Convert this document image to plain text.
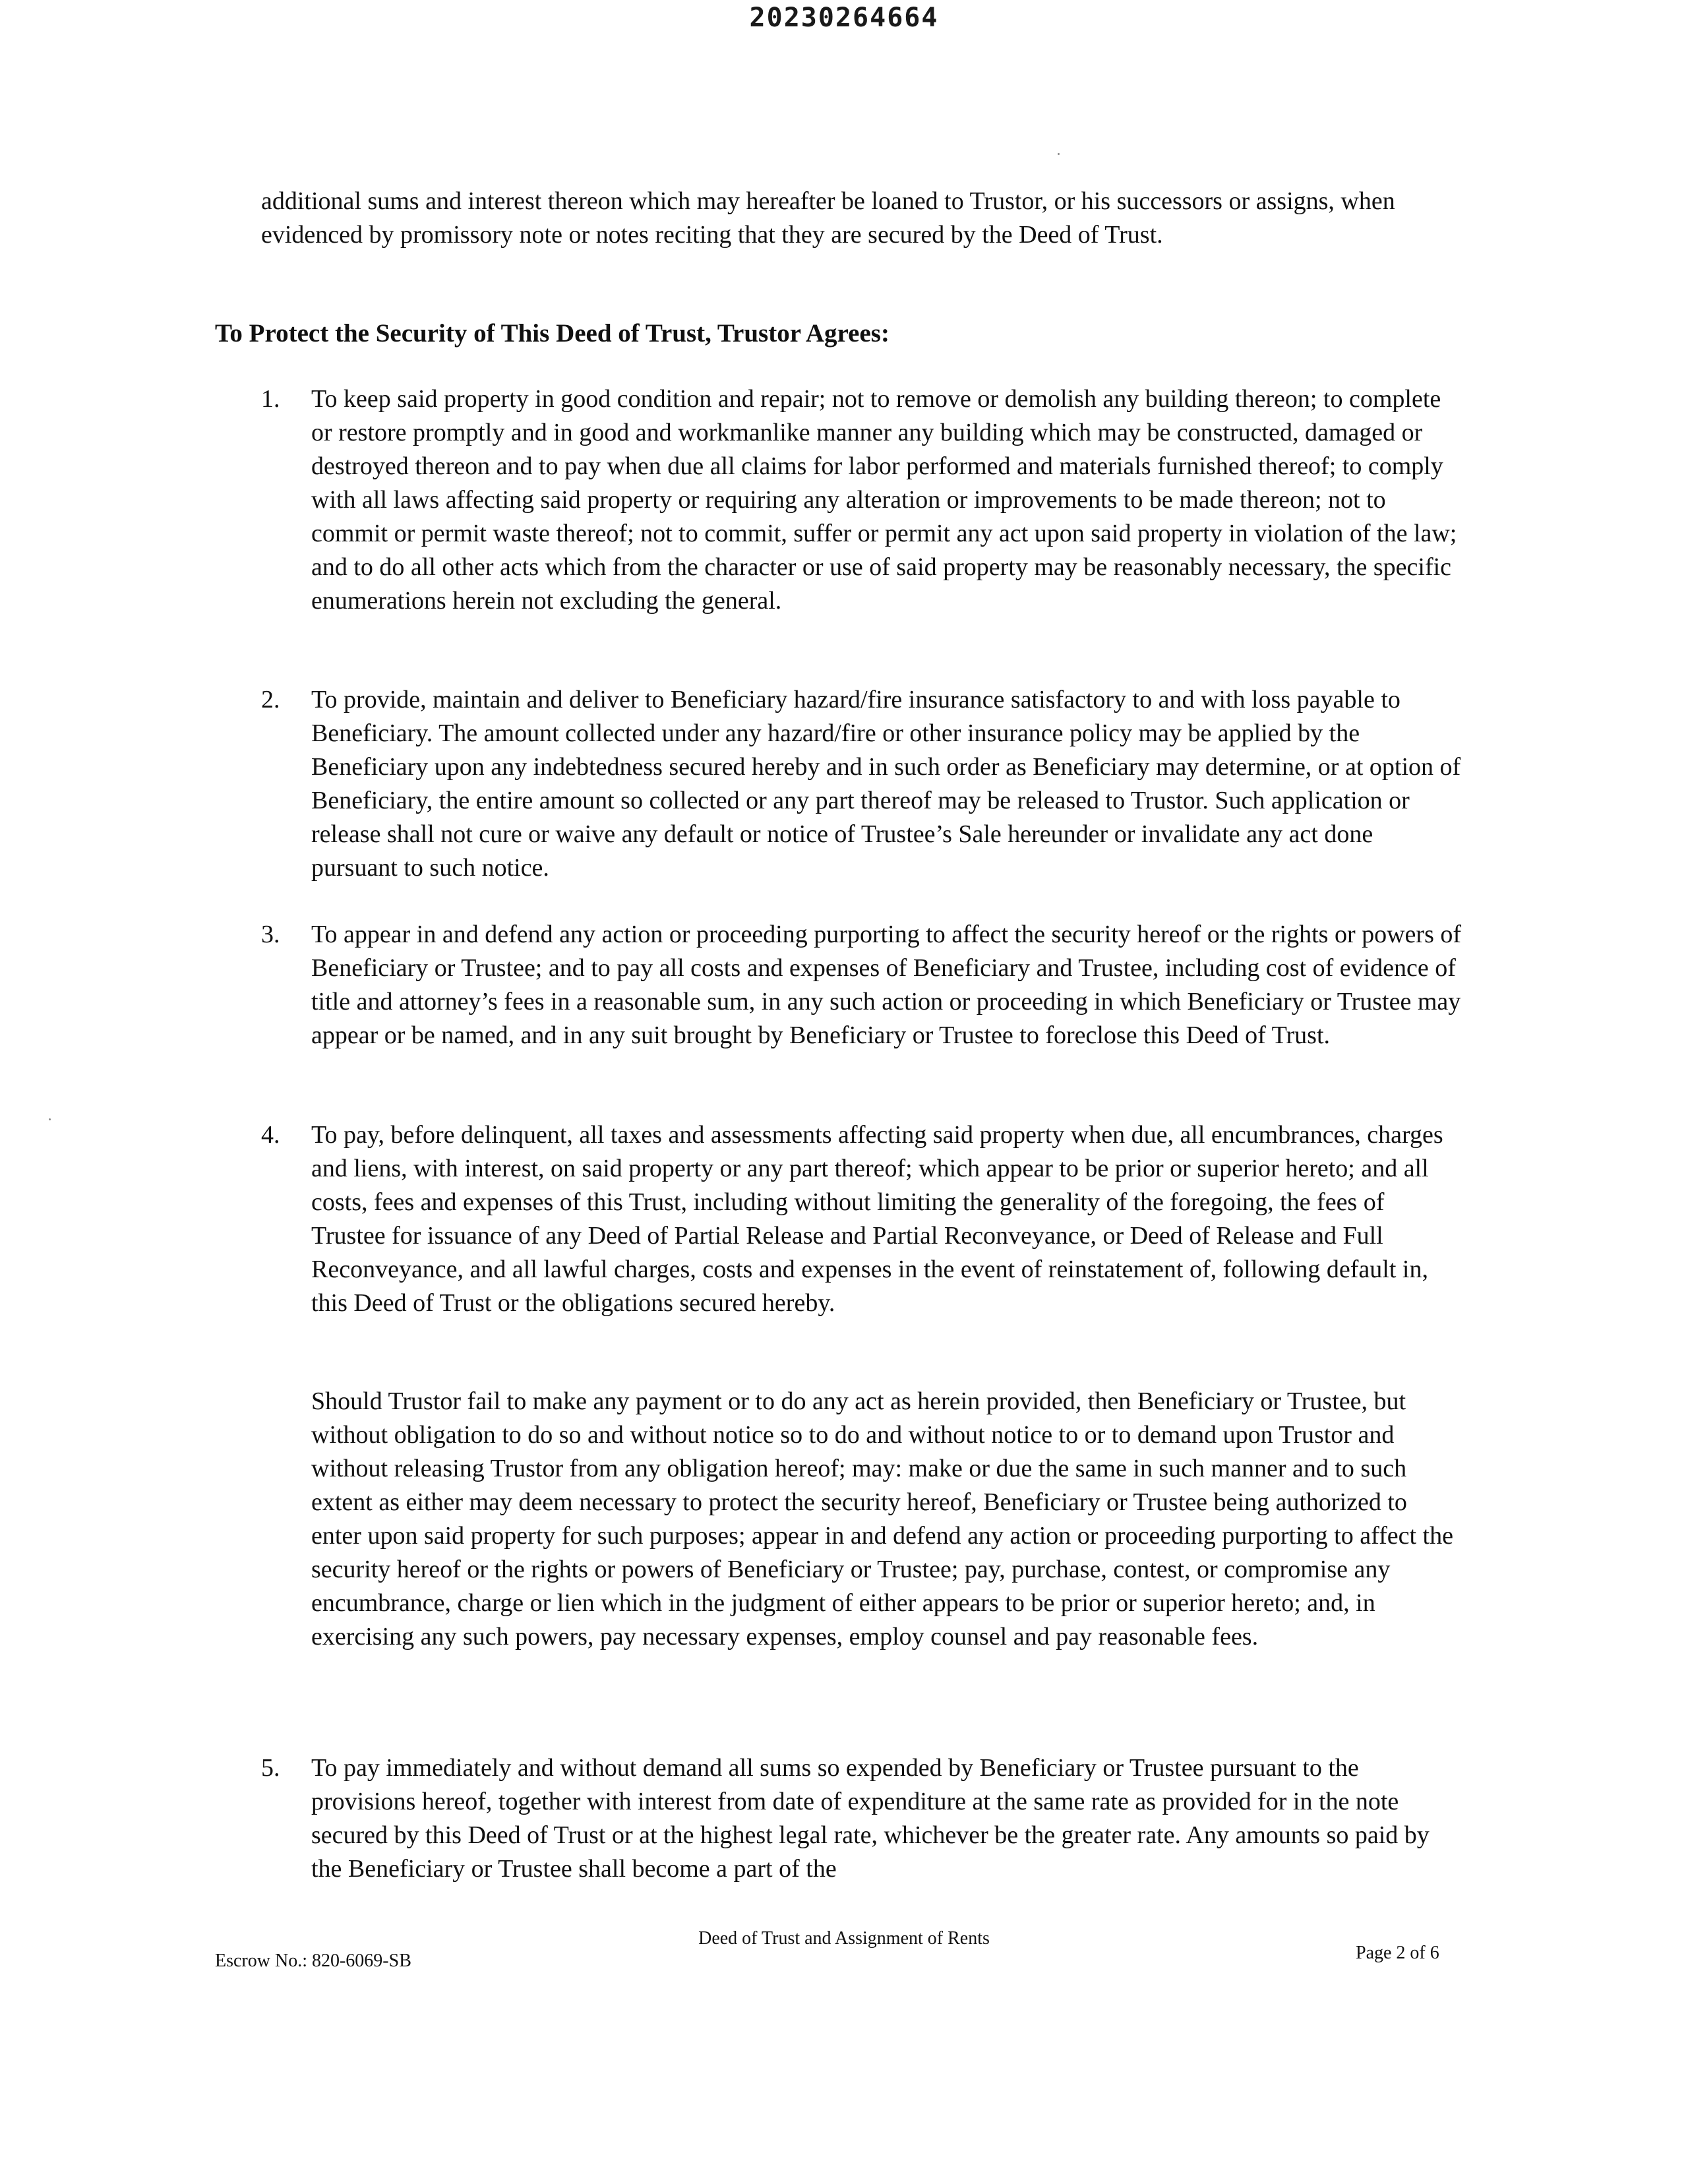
20230264664

additional sums and interest thereon which may hereafter be loaned to Trustor, or his successors or assigns, when evidenced by promissory note or notes reciting that they are secured by the Deed of Trust.

To Protect the Security of This Deed of Trust, Trustor Agrees:
1.	To keep said property in good condition and repair; not to remove or demolish any building thereon; to complete or restore promptly and in good and workmanlike manner any building which may be constructed, damaged or destroyed thereon and to pay when due all claims for labor performed and materials furnished thereof; to comply with all laws affecting said property or requiring any alteration or improvements to be made thereon; not to commit or permit waste thereof; not to commit, suffer or permit any act upon said property in violation of the law; and to do all other acts which from the character or use of said property may be reasonably necessary, the specific enumerations herein not excluding the general.

2.	To provide, maintain and deliver to Beneficiary hazard/fire insurance satisfactory to and with loss payable to Beneficiary. The amount collected under any hazard/fire or other insurance policy may be applied by the Beneficiary upon any indebtedness secured hereby and in such order as Beneficiary may determine, or at option of Beneficiary, the entire amount so collected or any part thereof may be released to Trustor. Such application or release shall not cure or waive any default or notice of Trustee’s Sale hereunder or invalidate any act done pursuant to such notice.

3.	To appear in and defend any action or proceeding purporting to affect the security hereof or the rights or powers of Beneficiary or Trustee; and to pay all costs and expenses of Beneficiary and Trustee, including cost of evidence of title and attorney’s fees in a reasonable sum, in any such action or proceeding in which Beneficiary or Trustee may appear or be named, and in any suit brought by Beneficiary or Trustee to foreclose this Deed of Trust.

4.	To pay, before delinquent, all taxes and assessments affecting said property when due, all encumbrances, charges and liens, with interest, on said property or any part thereof; which appear to be prior or superior hereto; and all costs, fees and expenses of this Trust, including without limiting the generality of the foregoing, the fees of Trustee for issuance of any Deed of Partial Release and Partial Reconveyance, or Deed of Release and Full Reconveyance, and all lawful charges, costs and expenses in the event of reinstatement of, following default in, this Deed of Trust or the obligations secured hereby.

Should Trustor fail to make any payment or to do any act as herein provided, then Beneficiary or Trustee, but without obligation to do so and without notice so to do and without notice to or to demand upon Trustor and without releasing Trustor from any obligation hereof; may: make or due the same in such manner and to such extent as either may deem necessary to protect the security hereof, Beneficiary or Trustee being authorized to enter upon said property for such purposes; appear in and defend any action or proceeding purporting to affect the security hereof or the rights or powers of Beneficiary or Trustee; pay, purchase, contest, or compromise any encumbrance, charge or lien which in the judgment of either appears to be prior or superior hereto; and, in exercising any such powers, pay necessary expenses, employ counsel and pay reasonable fees.

5.	To pay immediately and without demand all sums so expended by Beneficiary or Trustee pursuant to the provisions hereof, together with interest from date of expenditure at the same rate as provided for in the note secured by this Deed of Trust or at the highest legal rate, whichever be the greater rate. Any amounts so paid by the Beneficiary or Trustee shall become a part of the

Deed of Trust and Assignment of Rents
Escrow No.: 820-6069-SB	Page 2 of 6
